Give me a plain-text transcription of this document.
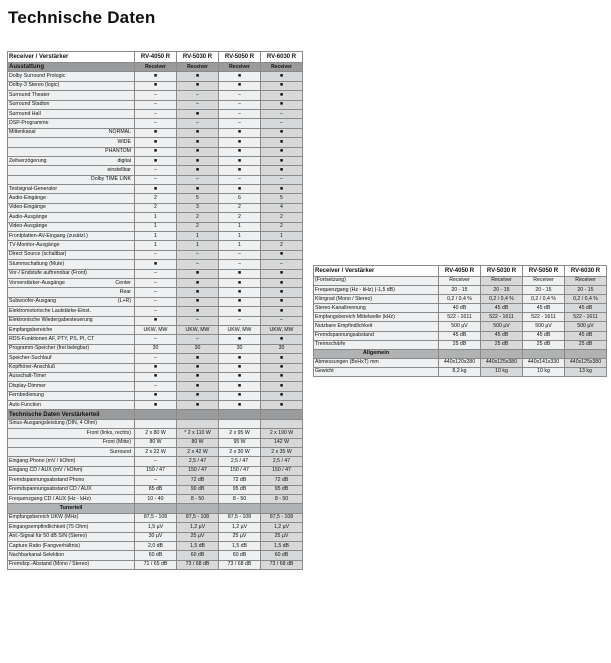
Technische Daten
Receiver / Verstärker	RV-4050 R	RV-5030 R	RV-5050 R	RV-6030 R
Ausstattung	Receiver	Receiver	Receiver	Receiver
Dolby Surround Prologic	■	■	■	■
Dolby-3 Stereo (logic)	■	■	■	■
Surround Theater	–	–	–	■
Surround Stadion	–	–	–	■
Surround Hall	–	■	–	–
DSP-Programme	–	–	–	–
Mittenkanal NORMAL	■	■	■	■

WIDE	■	■	■	■

PHANTOM	■	■	■	■
Zeitverzögerung digital	■	■	■	■

einstellbar	–	■	■	■

Dolby TIME LINK	–	–	–	–
Testsignal-Generator	■	■	■	■
Audio-Eingänge	2	5	6	5
Video-Eingänge	2	3	2	4
Audio-Ausgänge	1	2	2	2
Video-Ausgänge	1	2	1	2
Frontplatten-AV-Eingang (zusätzl.)	1	1	1	1
TV-Monitor-Ausgänge	1	1	1	2
Direct Source (schaltbar)	–	–	–	■
Stummschaltung (Mute)	■	–	–	–
Vor-/ Endstufe auftrennbar (Front)	–	■	■	■
Vorverstärker-Ausgänge Center	–	■	■	■

Rear	–	■	■	■
Subwoofer-Ausgang (L+R)	–	■	■	■
Elektromotorische Lautstärke-Einst.	–	■	■	■
Elektronische Wiedergabesteuerung	■	–	–	–
Empfangsbereiche	UKW, MW	UKW, MW	UKW, MW	UKW, MW
RDS-Funktionen AF, PTY, PS, PI, CT	–	–	■	■
Programm-Speicher (frei belegbar)	30	30	30	30
Speicher-Suchlauf	–	■	■	■
Kopfhörer-Anschluß	■	■	■	■
Ausschalt-Timer	■	■	■	■
Display-Dimmer	–	■	■	■
Fernbedienung	■	■	■	■
Auto Function	■	■	■	■
Technische Daten Verstärkerteil				
Sinus-Ausgangsleistung (DIN, 4 Ohm)				

Front (links, rechts)	2 x 80 W	* 2 x 110 W	2 x 95 W	2 x 190 W

Front (Mitte)	80 W	80 W	95 W	142 W

Surround	2 x 22 W	2 x 42 W	2 x 30 W	2 x 35 W
Eingang Phono (mV / kOhm)	–	2,5 / 47	2,5 / 47	2,5 / 47
Eingang CD / AUX (mV / kOhm)	150 / 47	150 / 47	150 / 47	150 / 47
Fremdspannungsabstand Phono	–	72 dB	72 dB	72 dB
Fremdspannungsabstand CD / AUX	85 dB	90 dB	95 dB	95 dB
Frequenzgang CD / AUX (Hz - kHz)	10 - 40	8 - 50	8 - 50	8 - 50
Tunerteil				
Empfangsbereich UKW (MHz)	87,5 - 108	87,5 - 108	87,5 - 108	87,5 - 108
Eingangsempfindlichkeit (75 Ohm)	1,5 µV	1,2 µV	1,2 µV	1,2 µV
Ant.-Signal für 50 dB S/N (Stereo)	30 µV	25 µV	25 µV	25 µV
Capture Ratio (Fangverhältnis)	2,0 dB	1,5 dB	1,5 dB	1,5 dB
Nachbarkanal-Selektion	60 dB	60 dB	60 dB	60 dB
Fremdsp.-Abstand (Mono / Stereo)	71 / 65 dB	73 / 68 dB	73 / 68 dB	73 / 68 dB
Receiver / Verstärker	RV-4050 R	RV-5030 R	RV-5050 R	RV-6030 R
(Fortsetzung)	Receiver	Receiver	Receiver	Receiver
Frequenzgang (Hz - kHz) (-1,5 dB)	20 - 15	20 - 15	20 - 15	20 - 15
Klirrgrad (Mono / Stereo)	0,2 / 0,4 %	0,2 / 0,4 %	0,2 / 0,4 %	0,2 / 0,4 %
Stereo-Kanaltrennung	40 dB	45 dB	45 dB	45 dB
Empfangsbereich Mittelwelle (kHz)	522 - 1611	522 - 1611	522 - 1611	522 - 1611
Nutzbare Empfindlichkeit	500 µV	500 µV	500 µV	500 µV
Fremdspannungsabstand	45 dB	45 dB	45 dB	45 dB
Trennschärfe	25 dB	25 dB	25 dB	25 dB
Allgemein				
Abmessungen (BxHxT) mm	440x120x280	440x125x380	440x141x330	440x125x380
Gewicht	8,2 kg	10 kg	10 kg	13 kg
